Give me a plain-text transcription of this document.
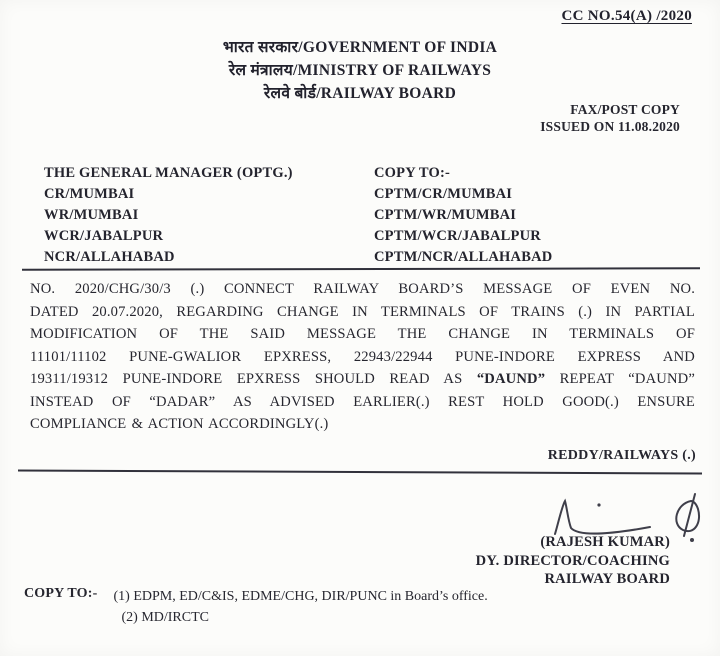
CC NO.54(A) /2020
भारत सरकार/GOVERNMENT OF INDIA
रेल मंत्रालय/MINISTRY OF RAILWAYS
रेलवे बोर्ड/RAILWAY BOARD
FAX/POST COPY
ISSUED ON 11.08.2020
THE GENERAL MANAGER (OPTG.)
CR/MUMBAI
WR/MUMBAI
WCR/JABALPUR
NCR/ALLAHABAD
COPY TO:-
CPTM/CR/MUMBAI
CPTM/WR/MUMBAI
CPTM/WCR/JABALPUR
CPTM/NCR/ALLAHABAD
NO. 2020/CHG/30/3 (.) CONNECT RAILWAY BOARD’S MESSAGE OF EVEN NO.
DATED 20.07.2020, REGARDING CHANGE IN TERMINALS OF TRAINS (.) IN PARTIAL
MODIFICATION OF THE SAID MESSAGE THE CHANGE IN TERMINALS OF
11101/11102 PUNE-GWALIOR EPXRESS, 22943/22944 PUNE-INDORE EXPRESS AND
19311/19312 PUNE-INDORE EPXRESS SHOULD READ AS “DAUND” REPEAT “DAUND”
INSTEAD OF “DADAR” AS ADVISED EARLIER(.) REST HOLD GOOD(.) ENSURE
COMPLIANCE & ACTION ACCORDINGLY(.)
REDDY/RAILWAYS (.)
(RAJESH KUMAR)
DY. DIRECTOR/COACHING
RAILWAY BOARD
COPY TO:- (1) EDPM, ED/C&IS, EDME/CHG, DIR/PUNC in Board’s office.
(2) MD/IRCTC
